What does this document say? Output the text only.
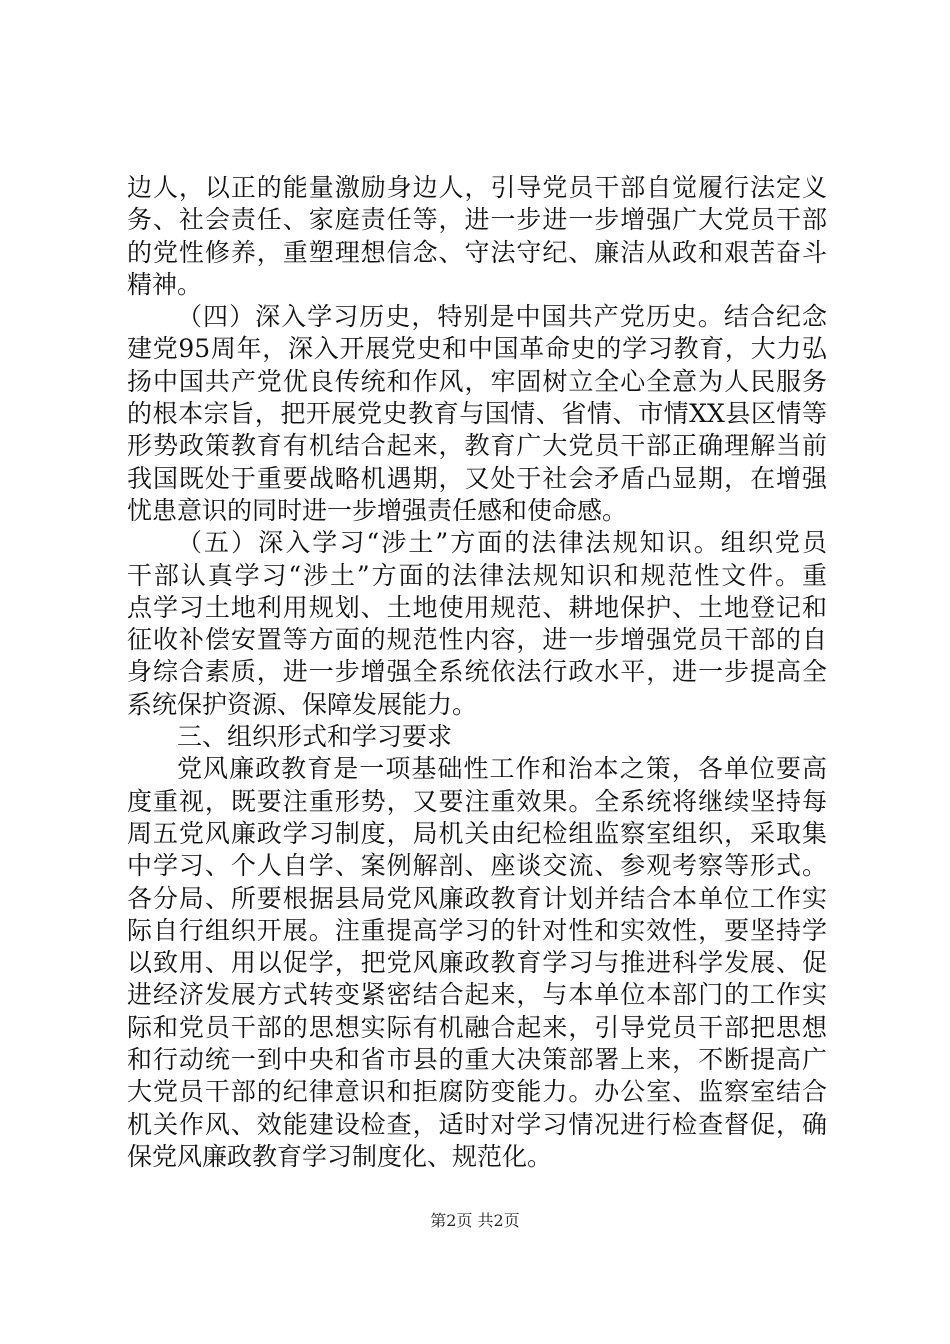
边人，以正的能量激励身边人，引导党员干部自觉履行法定义
务、社会责任、家庭责任等，进一步进一步增强广大党员干部
的党性修养，重塑理想信念、守法守纪、廉洁从政和艰苦奋斗
精神。
（四）深入学习历史，特别是中国共产党历史。结合纪念
建党95周年，深入开展党史和中国革命史的学习教育，大力弘
扬中国共产党优良传统和作风，牢固树立全心全意为人民服务
的根本宗旨，把开展党史教育与国情、省情、市情XX县区情等
形势政策教育有机结合起来，教育广大党员干部正确理解当前
我国既处于重要战略机遇期，又处于社会矛盾凸显期，在增强
忧患意识的同时进一步增强责任感和使命感。
（五）深入学习“涉土”方面的法律法规知识。组织党员
干部认真学习“涉土”方面的法律法规知识和规范性文件。重
点学习土地利用规划、土地使用规范、耕地保护、土地登记和
征收补偿安置等方面的规范性内容，进一步增强党员干部的自
身综合素质，进一步增强全系统依法行政水平，进一步提高全
系统保护资源、保障发展能力。
三、组织形式和学习要求
党风廉政教育是一项基础性工作和治本之策，各单位要高
度重视，既要注重形势，又要注重效果。全系统将继续坚持每
周五党风廉政学习制度，局机关由纪检组监察室组织，采取集
中学习、个人自学、案例解剖、座谈交流、参观考察等形式。
各分局、所要根据县局党风廉政教育计划并结合本单位工作实
际自行组织开展。注重提高学习的针对性和实效性，要坚持学
以致用、用以促学，把党风廉政教育学习与推进科学发展、促
进经济发展方式转变紧密结合起来，与本单位本部门的工作实
际和党员干部的思想实际有机融合起来，引导党员干部把思想
和行动统一到中央和省市县的重大决策部署上来，不断提高广
大党员干部的纪律意识和拒腐防变能力。办公室、监察室结合
机关作风、效能建设检查，适时对学习情况进行检查督促，确
保党风廉政教育学习制度化、规范化。
第2页 共2页
